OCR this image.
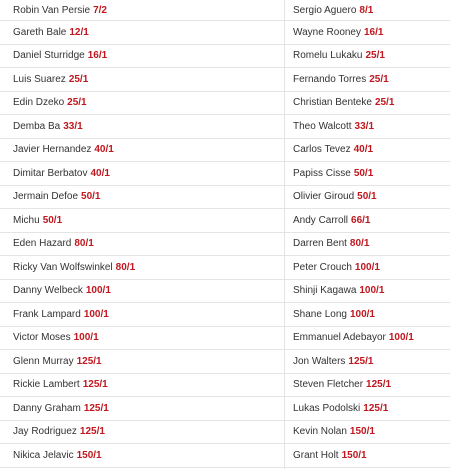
Robin Van Persie 7/2	Sergio Aguero 8/1
Gareth Bale 12/1	Wayne Rooney 16/1
Daniel Sturridge 16/1	Romelu Lukaku 25/1
Luis Suarez 25/1	Fernando Torres 25/1
Edin Dzeko 25/1	Christian Benteke 25/1
Demba Ba 33/1	Theo Walcott 33/1
Javier Hernandez 40/1	Carlos Tevez 40/1
Dimitar Berbatov 40/1	Papiss Cisse 50/1
Jermain Defoe 50/1	Olivier Giroud 50/1
Michu 50/1	Andy Carroll 66/1
Eden Hazard 80/1	Darren Bent 80/1
Ricky Van Wolfswinkel 80/1	Peter Crouch 100/1
Danny Welbeck 100/1	Shinji Kagawa 100/1
Frank Lampard 100/1	Shane Long 100/1
Victor Moses 100/1	Emmanuel Adebayor 100/1
Glenn Murray 125/1	Jon Walters 125/1
Rickie Lambert 125/1	Steven Fletcher 125/1
Danny Graham 125/1	Lukas Podolski 125/1
Jay Rodriguez 125/1	Kevin Nolan 150/1
Nikica Jelavic 150/1	Grant Holt 150/1
